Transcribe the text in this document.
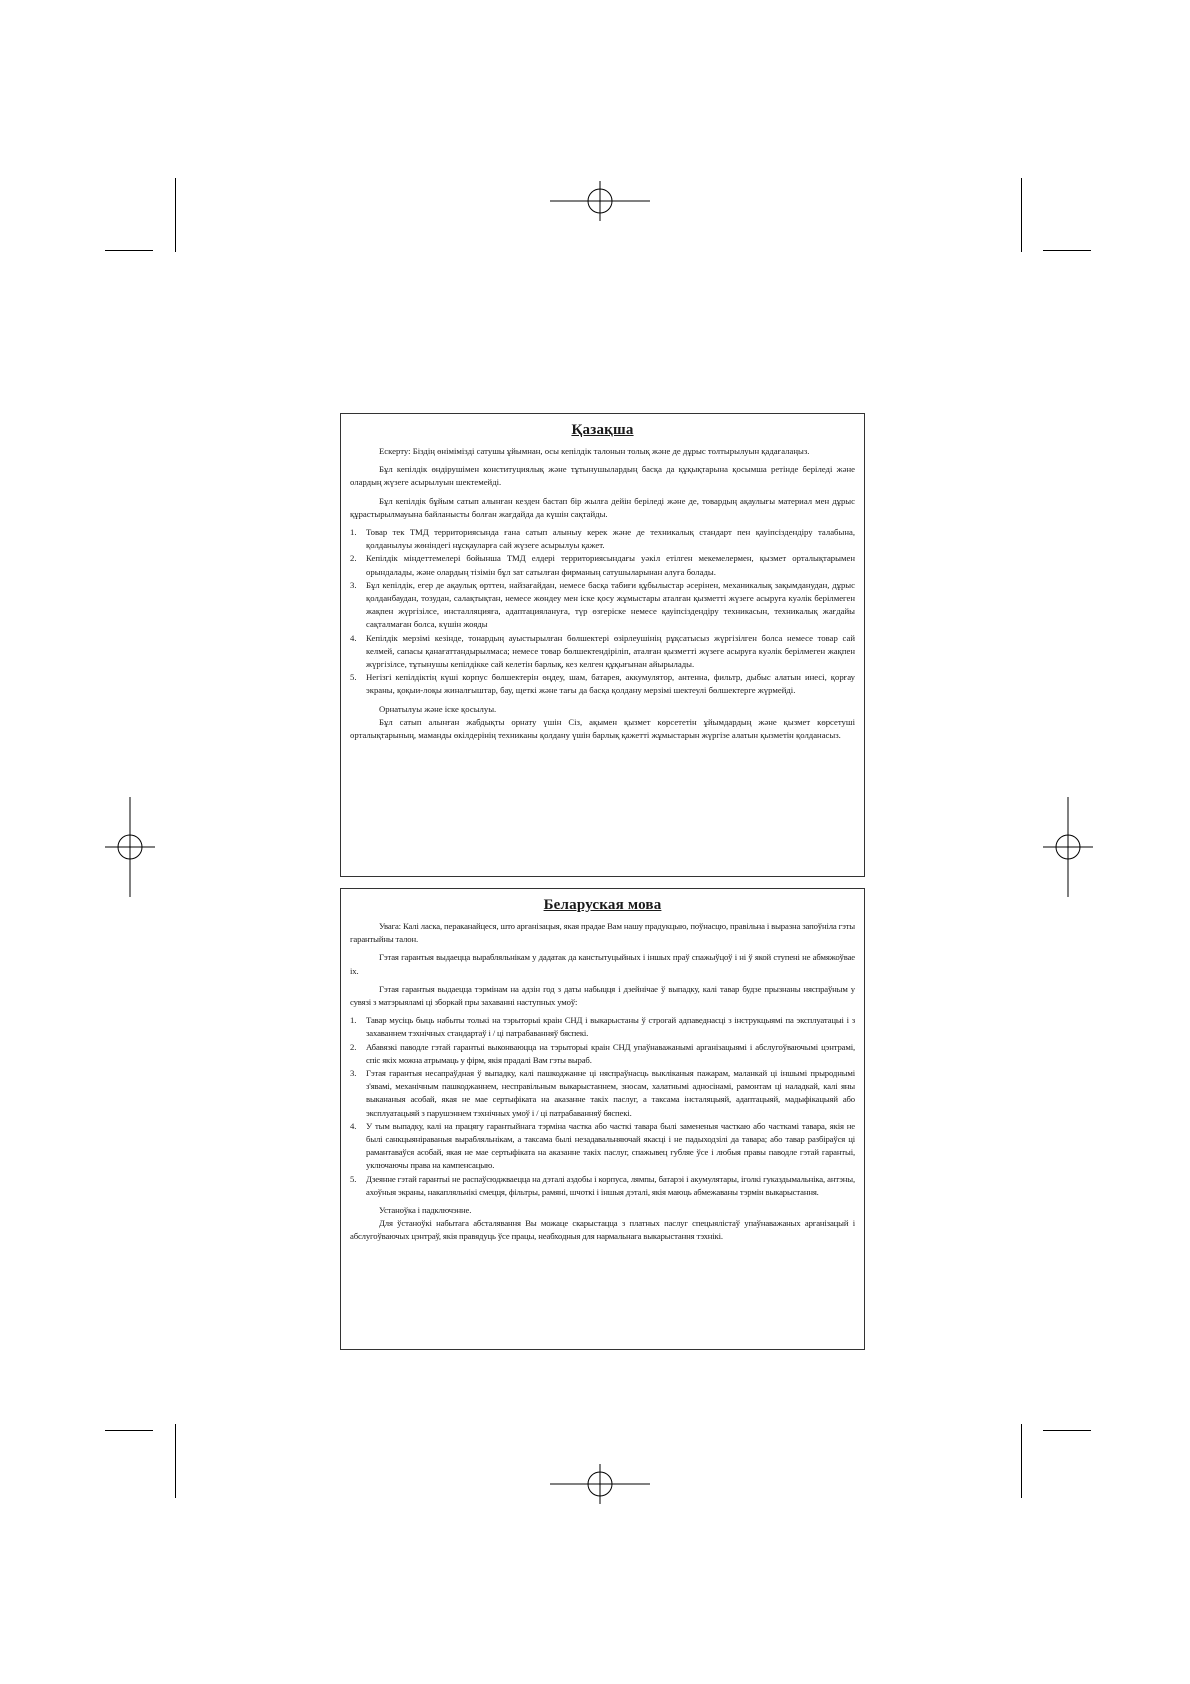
Қазақша

Ескерту: Біздің өнімімізді сатушы ұйымнан, осы кепілдік талонын толық және де дұрыс толтырылуын қадағалаңыз.

Бұл кепілдік өндірушімен конституциялық және тұтынушылардың басқа да құқықтарына қосымша ретінде беріледі және олардың жүзеге асырылуын шектемейді.

Бұл кепілдік бұйым сатып алынған кезден бастап бір жылға дейін беріледі және де, товардың ақаулығы материал мен дұрыс құрастырылмауына байланысты болған жағдайда да күшін сақтайды.

1. Товар тек ТМД территориясында ғана сатып алыныу керек және де техникалық стандарт пен қауіпсіздендіру талабына, қолданылуы жөніндегі нұсқауларға сай жүзеге асырылуы қажет.
2. Кепілдік міндеттемелері бойынша ТМД елдері территориясындағы уәкіл етілген мекемелермен, қызмет орталықтарымен орындалады, және олардың тізімін бұл зат сатылған фирманың сатушыларынан алуға болады.
3. Бұл кепілдік, егер де ақаулық өрттен, найзағайдан, немесе басқа табиғи құбылыстар әсерінен, механикалық зақымданудан, дұрыс қолданбаудан, тозудан, салақтықтан, немесе жөндеу мен іске қосу жұмыстары аталған қызметті жүзеге асыруға куәлік берілмеген жақпен жүргізілсе, инсталляцияға, адаптациялануға, түр өзгеріске немесе қауіпсіздендіру техникасын, техникалық жағдайы сақталмаған болса, күшін жояды
4. Кепілдік мерзімі кезінде, тонардың ауыстырылған бөлшектері өзірлеушінің рұқсатысыз жүргізілген болса немесе товар сай келмей, сапасы қанағаттандырылмаса; немесе товар бөлшектендіріліп, аталған қызметті жүзеге асыруға куәлік берілмеген жақпен жүргізілсе, тұтынушы кепілдікке сай келетін барлық, кез келген құқығынан айырылады.
5. Негізгі кепілдіктің күші корпус бөлшектерін өңдеу, шам, батарея, аккумулятор, антенна, фильтр, дыбыс алатын инесі, қорғау экраны, қоқыи-лоқы жиналғыштар, бау, щеткі және тағы да басқа қолдану мерзімі шектеулі бөлшектерге жүрмейді.

Орнатылуы және іске қосылуы.

Бұл сатып алынған жабдықты орнату үшін Сіз, ақымен қызмет көрсететін ұйымдардың және қызмет көрсетуші орталықтарының, маманды өкілдерінің техниканы қолдану үшін барлық қажетті жұмыстарын жүргізе алатын қызметін қолданасыз.

Беларуская мова

Увага: Калі ласка, пераканайцеся, што арганізацыя, якая прадае Вам нашу прадукцыю, поўнасцю, правільна і выразна запоўніла гэты гарантыйны талон.

Гэтая гарантыя выдаецца вырабляльнікам у дадатак да канстытуцыйных і іншых праў спажыўцоў і ні ў якой ступені не абмяжоўвае іх.

Гэтая гарантыя выдаецца тэрмінам на адзін год з даты набыцця і дзейнічае ў выпадку, калі тавар будзе прызнаны няспраўным у сувязі з матэрыяламі ці зборкай пры захаванні наступных умоў:

1. Тавар мусіць быць набыты толькі на тэрыторыі краін СНД і выкарыстаны ў строгай адпаведнасці з інструкцыямі па эксплуатацыі і з захаваннем тэхнічных стандартаў і / ці патрабаванняў бяспекі.
2. Абавязкі паводле гэтай гарантыі выконваюцца на тэрыторыі краін СНД упаўнаважанымі арганізацыямі і абслугоўваючымі цэнтрамі, спіс якіх можна атрымаць у фірм, якія прадалі Вам гэты выраб.
3. Гэтая гарантыя несапраўдная ў выпадку, калі пашкоджанне ці няспраўнасць выкліканыя пажарам, маланкай ці іншымі прыроднымі з'явамі, механічным пашкоджаннем, несправільным выкарыстаннем, зносам, халатнымі адносінамі, рамонтам ці наладкай, калі яны выкананыя асобай, якая не мае сертыфіката на аказанне такіх паслуг, а таксама інсталяцыяй, адаптацыяй, мадыфікацыяй або эксплуатацыяй з парушэннем тэхнічных умоў і / ці патрабаванняў бяспекі.
4. У тым выпадку, калі на працягу гарантыйнага тэрміна частка або часткі тавара былі замененыя часткаю або часткамі тавара, якія не былі санкцыяніраваныя вырабляльнікам, а таксама былі незадавальняючай якасці і не падыходзілі да тавара; або тавар разбіраўся ці рамантаваўся асобай, якая не мае сертыфіката на аказанне такіх паслуг, спажывец губляе ўсе і любыя правы паводле гэтай гарантыі, уключаючы права на кампенсацыю.
5. Дзеянне гэтай гарантыі не распаўсюджваецца на дэталі аздобы і корпуса, лямпы, батарэі і акумулятары, іголкі гуказдымальніка, антэны, ахоўныя экраны, накапляльнікі смецця, фільтры, рамяні, шчоткі і іншыя дэталі, якія маюць абмежаваны тэрмін выкарыстання.

Устаноўка і падключэнне.

Для ўстаноўкі набытага абсталявання Вы можаце скарыстацца з платных паслуг спецыялістаў упаўнаважаных арганізацый і абслугоўваючых цэнтраў, якія правядуць ўсе працы, неабходныя для нармальнага выкарыстання тэхнікі.
